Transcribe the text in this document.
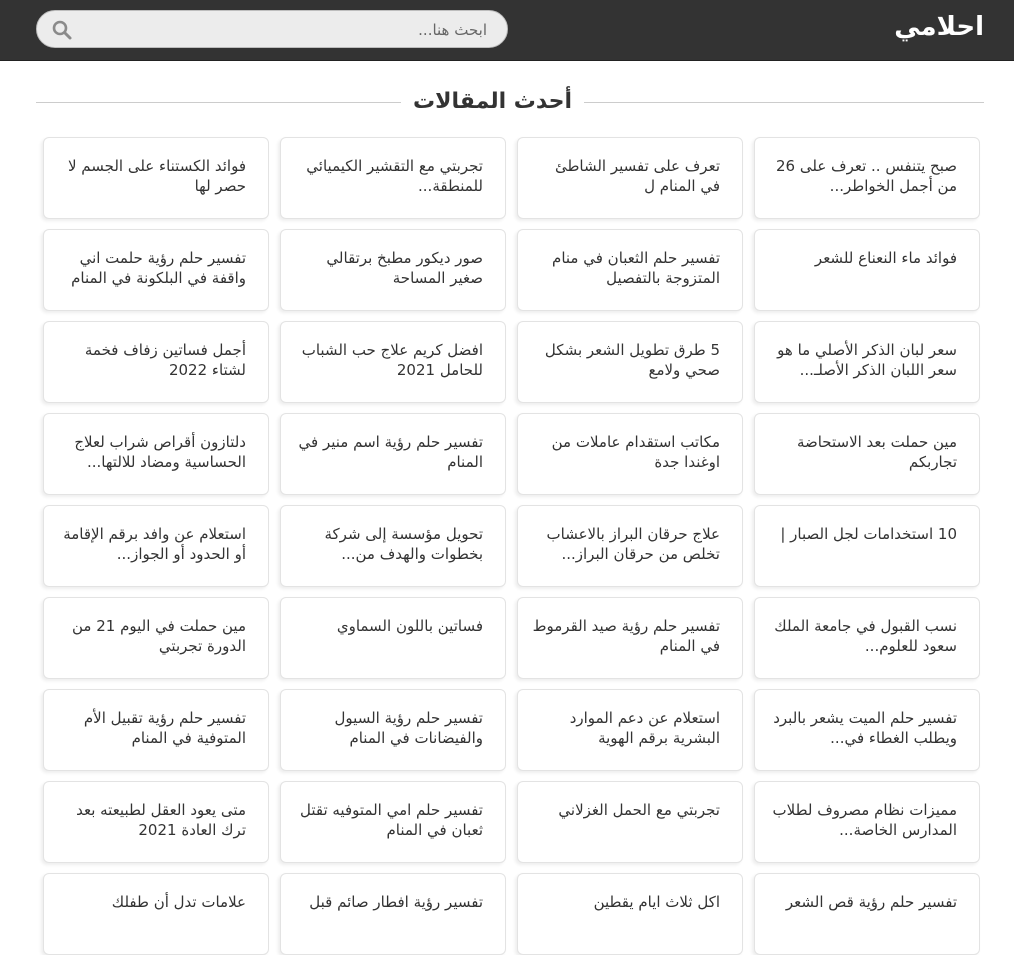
احلامي
ابحث هنا...
أحدث المقالات
صبح يتنفس .. تعرف على 26 من أجمل الخواطر...
تعرف على تفسير الشاطئ في المنام ل
تجربتي مع التقشير الكيميائي للمنطقة...
فوائد الكستناء على الجسم لا حصر لها
فوائد ماء النعناع للشعر
تفسير حلم الثعبان في منام المتزوجة بالتفصيل
صور ديكور مطبخ برتقالي صغير المساحة
تفسير حلم رؤية حلمت اني واقفة في البلكونة في المنام
سعر لبان الذكر الأصلي ما هو سعر اللبان الذكر الأصلـ...
5 طرق تطويل الشعر بشكل صحي ولامع
افضل كريم علاج حب الشباب للحامل 2021
أجمل فساتين زفاف فخمة لشتاء 2022
مين حملت بعد الاستحاضة تجاربكم
مكاتب استقدام عاملات من اوغندا جدة
تفسير حلم رؤية اسم منير في المنام
دلتازون أقراص شراب لعلاج الحساسية ومضاد للالتها...
10 استخدامات لجل الصبار |
علاج حرقان البراز بالاعشاب تخلص من حرقان البراز...
تحويل مؤسسة إلى شركة بخطوات والهدف من...
استعلام عن وافد برقم الإقامة أو الحدود أو الجواز...
نسب القبول في جامعة الملك سعود للعلوم...
تفسير حلم رؤية صيد القرموط في المنام
فساتين باللون السماوي
مين حملت في اليوم 21 من الدورة تجربتي
تفسير حلم الميت يشعر بالبرد ويطلب الغطاء في...
استعلام عن دعم الموارد البشرية برقم الهوية
تفسير حلم رؤية السيول والفيضانات في المنام
تفسير حلم رؤية تقبيل الأم المتوفية في المنام
مميزات نظام مصروف لطلاب المدارس الخاصة...
تجربتي مع الحمل الغزلاني
تفسير حلم امي المتوفيه تقتل ثعبان في المنام
متى يعود العقل لطبيعته بعد ترك العادة 2021
تفسير حلم رؤية قص الشعر
اكل ثلاث ايام يقطين
تفسير رؤية افطار صائم قبل
علامات تدل أن طفلك
